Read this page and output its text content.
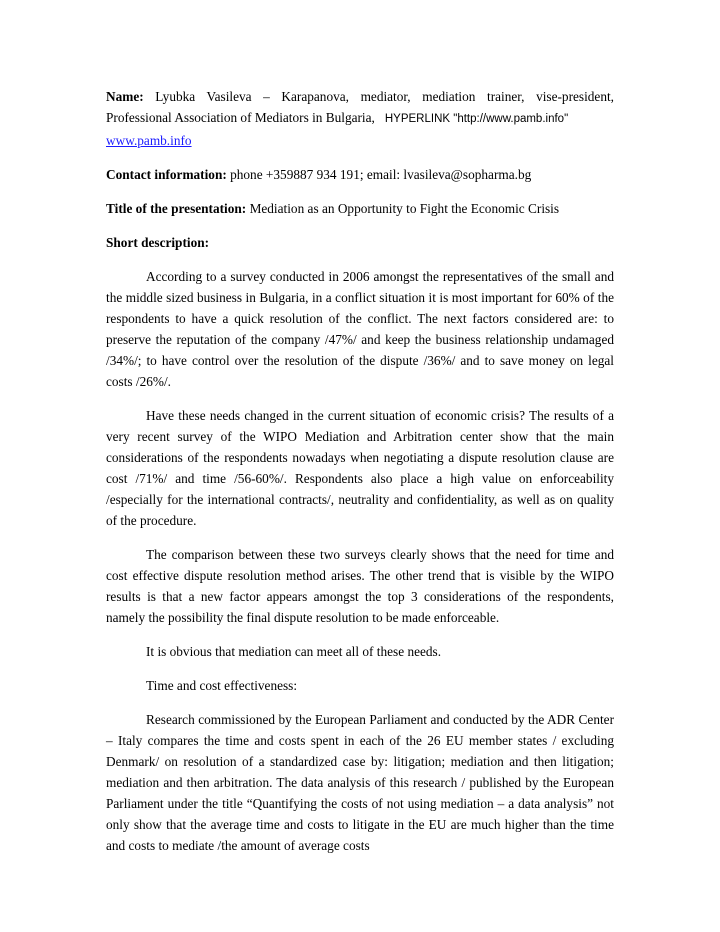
Name: Lyubka Vasileva – Karapanova, mediator, mediation trainer, vise-president, Professional Association of Mediators in Bulgaria, HYPERLINK "http://www.pamb.info"
www.pamb.info

Contact information: phone +359887 934 191; email: lvasileva@sopharma.bg

Title of the presentation: Mediation as an Opportunity to Fight the Economic Crisis

Short description:

According to a survey conducted in 2006 amongst the representatives of the small and the middle sized business in Bulgaria, in a conflict situation it is most important for 60% of the respondents to have a quick resolution of the conflict. The next factors considered are: to preserve the reputation of the company /47%/ and keep the business relationship undamaged /34%/; to have control over the resolution of the dispute /36%/ and to save money on legal costs /26%/.

Have these needs changed in the current situation of economic crisis? The results of a very recent survey of the WIPO Mediation and Arbitration center show that the main considerations of the respondents nowadays when negotiating a dispute resolution clause are cost /71%/ and time /56-60%/. Respondents also place a high value on enforceability /especially for the international contracts/, neutrality and confidentiality, as well as on quality of the procedure.

The comparison between these two surveys clearly shows that the need for time and cost effective dispute resolution method arises. The other trend that is visible by the WIPO results is that a new factor appears amongst the top 3 considerations of the respondents, namely the possibility the final dispute resolution to be made enforceable.

It is obvious that mediation can meet all of these needs.

Time and cost effectiveness:

Research commissioned by the European Parliament and conducted by the ADR Center – Italy compares the time and costs spent in each of the 26 EU member states / excluding Denmark/ on resolution of a standardized case by: litigation; mediation and then litigation; mediation and then arbitration. The data analysis of this research / published by the European Parliament under the title “Quantifying the costs of not using mediation – a data analysis” not only show that the average time and costs to litigate in the EU are much higher than the time and costs to mediate /the amount of average costs
